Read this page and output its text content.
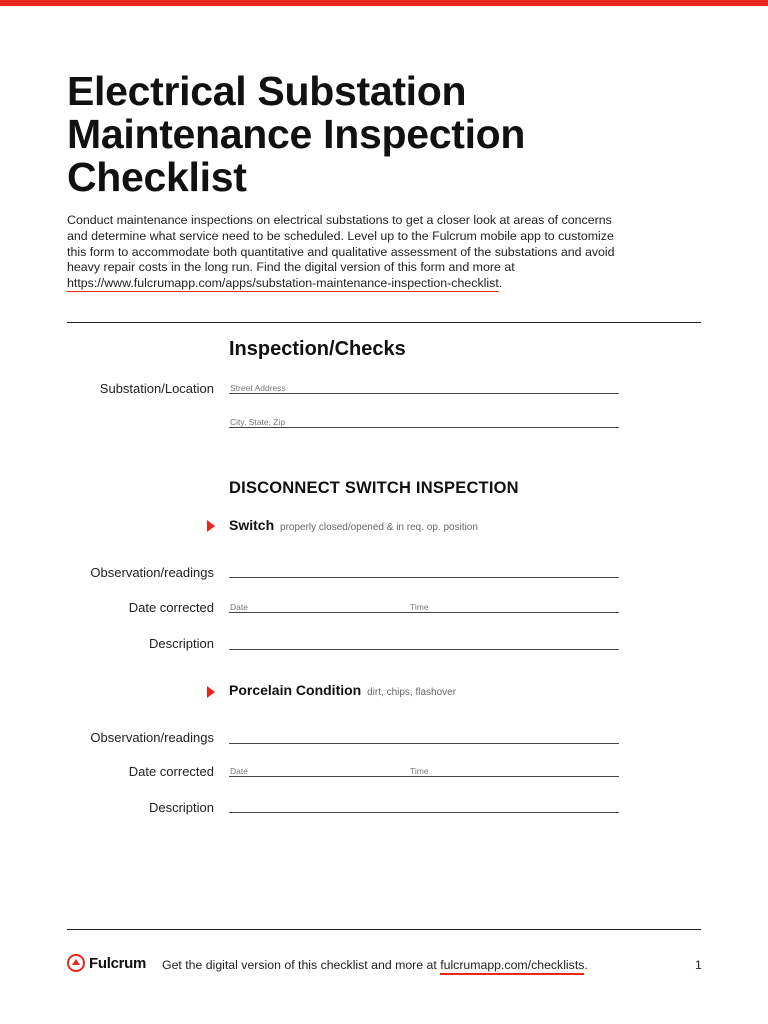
Electrical Substation
Maintenance Inspection
Checklist

Conduct maintenance inspections on electrical substations to get a closer look at areas of concerns and determine what service need to be scheduled. Level up to the Fulcrum mobile app to customize this form to accommodate both quantitative and qualitative assessment of the substations and avoid heavy repair costs in the long run. Find the digital version of this form and more at https://www.fulcrumapp.com/apps/substation-maintenance-inspection-checklist.

Inspection/Checks
Substation/Location Street Address
City, State, Zip
DISCONNECT SWITCH INSPECTION
Switch properly closed/opened & in req. op. position
Observation/readings
Date corrected Date	Time
Description
Porcelain Condition dirt, chips, flashover
Observation/readings
Date corrected Date	Time
Description
Fulcrum Get the digital version of this checklist and more at fulcrumapp.com/checklists.	1
